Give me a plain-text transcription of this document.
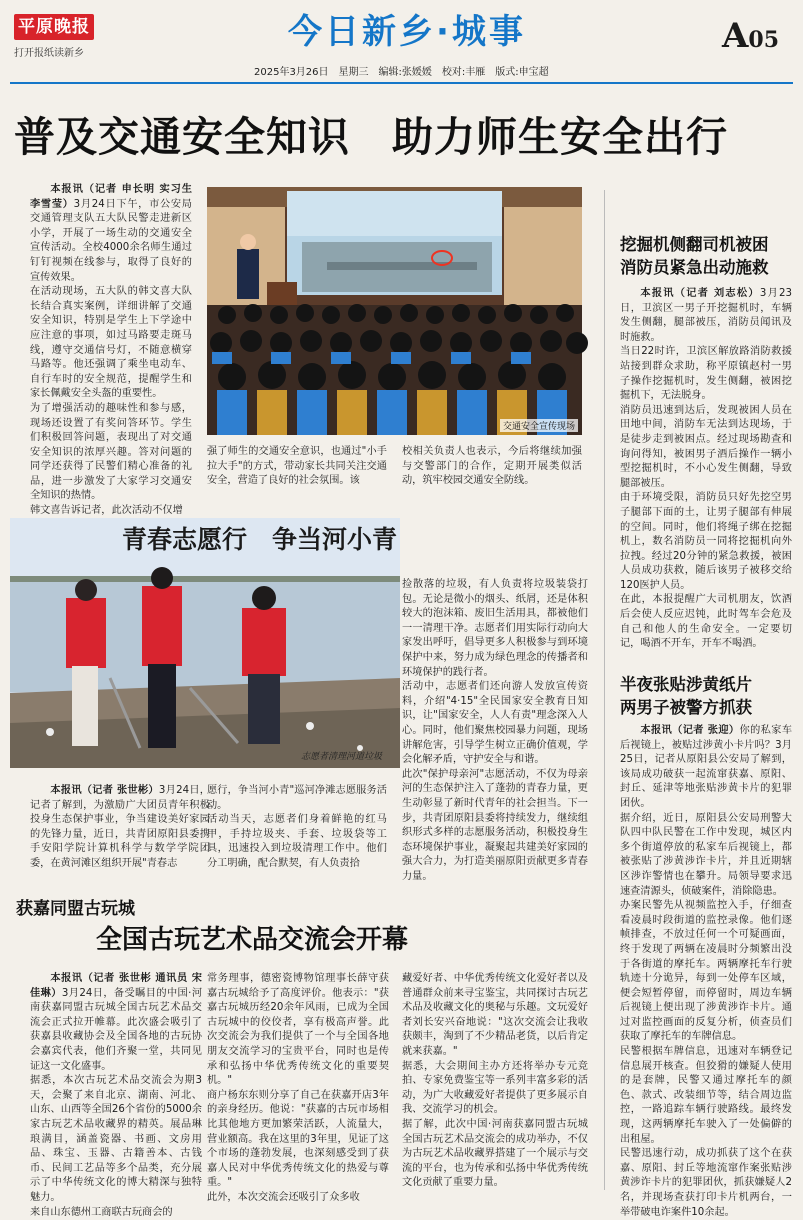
平原晚报
打开报纸读新乡
今日新乡·城事	A05
2025年3月26日　星期三　编辑:张媛媛　校对:丰雁　版式:申宝超
普及交通安全知识　助力师生安全出行

本报讯（记者 申长明 实习生 李雪莹）3月24日下午，市公安局交通管理支队五大队民警走进新区小学，开展了一场生动的交通安全宣传活动。全校4000余名师生通过钉钉视频在线参与，取得了良好的宣传效果。
在活动现场，五大队的韩文喜大队长结合真实案例，详细讲解了交通安全知识，特别是学生上下学途中应注意的事项，如过马路要走斑马线，遵守交通信号灯，不随意横穿马路等。他还强调了乘坐电动车、自行车时的安全规范，提醒学生和家长佩戴安全头盔的重要性。
为了增强活动的趣味性和参与感，现场还设置了有奖问答环节。学生们积极回答问题，表现出了对交通安全知识的浓厚兴趣。答对问题的同学还获得了民警们精心准备的礼品，进一步激发了大家学习交通安全知识的热情。
韩文喜告诉记者，此次活动不仅增

交通安全宣传现场
强了师生的交通安全意识，也通过"小手拉大手"的方式，带动家长共同关注交通安全，营造了良好的社会氛围。该
校相关负责人也表示，今后将继续加强与交警部门的合作，定期开展类似活动，筑牢校园交通安全防线。
挖掘机侧翻司机被困
消防员紧急出动施救

本报讯（记者 刘志松）3月23日，卫滨区一男子开挖掘机时，车辆发生侧翻，腿部被压，消防员闻讯及时施救。
当日22时许，卫滨区解放路消防救援站接到群众求助，称平原镇赵村一男子操作挖掘机时，发生侧翻，被困挖掘机下，无法脱身。
消防员迅速到达后，发现被困人员在田地中间，消防车无法到达现场，于是徒步走到被困点。经过现场勘查和询问得知，被困男子酒后操作一辆小型挖掘机时，不小心发生侧翻，导致腿部被压。
由于环境受限，消防员只好先挖空男子腿部下面的土，让男子腿部有伸展的空间。同时，他们将绳子绑在挖掘机上，数名消防员一同将挖掘机向外拉拽。经过20分钟的紧急救援，被困人员成功获救，随后该男子被移交给120医护人员。
在此，本报提醒广大司机朋友，饮酒后会使人反应迟钝，此时驾车会危及自己和他人的生命安全。一定要切记，喝酒不开车，开车不喝酒。

半夜张贴涉黄纸片
两男子被警方抓获

本报讯（记者 张迎）你的私家车后视镜上，被贴过涉黄小卡片吗？3月25日，记者从原阳县公安局了解到，该局成功破获一起流窜获嘉、原阳、封丘、延津等地张贴涉黄卡片的犯罪团伙。
据介绍，近日，原阳县公安局刑警大队四中队民警在工作中发现，城区内多个街道停放的私家车后视镜上，都被张贴了涉黄涉诈卡片，并且近期辖区涉诈警情也在攀升。局领导要求迅速查清源头，侦破案件，消除隐患。
办案民警先从视频监控入手，仔细查看凌晨时段街道的监控录像。他们逐帧排查，不放过任何一个可疑画面，终于发现了两辆在凌晨时分频繁出没于各街道的摩托车。两辆摩托车行驶轨迹十分诡异，每到一处停车区域，便会短暂停留，而停留时，周边车辆后视镜上便出现了涉黄涉诈卡片。通过对监控画面的反复分析，侦查员们获取了摩托车的车牌信息。
民警根据车牌信息，迅速对车辆登记信息展开核查。但狡猾的嫌疑人使用的是套牌，民警又通过摩托车的颜色、款式、改装细节等，结合周边监控，一路追踪车辆行驶路线。最终发现，这两辆摩托车驶入了一处偏僻的出租屋。
民警迅速行动，成功抓获了这个在获嘉、原阳、封丘等地流窜作案张贴涉黄涉诈卡片的犯罪团伙，抓获嫌疑人2名，并现场查获打印卡片机两台，一举带破电诈案件10余起。

青春志愿行　争当河小青
志愿者清理河道垃圾

本报讯（记者 张世彬）3月24日，记者了解到，为激励广大团员青年积极投身生态保护事业，争当建设美好家园的先锋力量，近日，共青团原阳县委携手安阳学院计算机科学与数学学院团委，在黄河滩区组织开展"青春志

愿行，争当河小青"巡河净滩志愿服务活动。
活动当天，志愿者们身着鲜艳的红马甲，手持垃圾夹、手套、垃圾袋等工具，迅速投入到垃圾清理工作中。他们分工明确，配合默契，有人负责拾
捡散落的垃圾，有人负责将垃圾装袋打包。无论是微小的烟头、纸屑，还是体积较大的泡沫箱、废旧生活用具，都被他们一一清理干净。志愿者们用实际行动向大家发出呼吁，倡导更多人积极参与到环境保护中来，努力成为绿色理念的传播者和环境保护的践行者。
活动中，志愿者们还向游人发放宣传资料，介绍"4·15"全民国家安全教育日知识，让"国家安全，人人有责"理念深入人心。同时，他们聚焦校园暴力问题，现场讲解危害，引导学生树立正确价值观，学会化解矛盾，守护安全与和谐。
此次"保护母亲河"志愿活动，不仅为母亲河的生态保护注入了蓬勃的青春力量，更生动彰显了新时代青年的社会担当。下一步，共青团原阳县委将持续发力，继续组织形式多样的志愿服务活动，积极投身生态环境保护事业，凝聚起共建美好家园的强大合力，为打造美丽原阳贡献更多青春力量。
获嘉同盟古玩城
全国古玩艺术品交流会开幕

本报讯（记者 张世彬 通讯员 宋佳琳）3月24日，备受瞩目的中国·河南获嘉同盟古玩城全国古玩艺术品交流会正式拉开帷幕。此次盛会吸引了获嘉县收藏协会及全国各地的古玩协会嘉宾代表，他们齐聚一堂，共同见证这一文化盛事。
据悉，本次古玩艺术品交流会为期3天，会聚了来自北京、湖南、河北、山东、山西等全国26个省份的5000余家古玩艺术品收藏界的精英。展品琳琅满目，涵盖瓷器、书画、文房用品、珠宝、玉器、古籍善本、古钱币、民间工艺品等多个品类，充分展示了中华传统文化的博大精深与独特魅力。
来自山东德州工商联古玩商会的

常务理事，德密瓷博物馆理事长薛守获嘉古玩城给予了高度评价。他表示："获嘉古玩城历经20余年风雨，已成为全国古玩城中的佼佼者，享有极高声誉。此次交流会为我们提供了一个与全国各地朋友交流学习的宝贵平台，同时也是传承和弘扬中华优秀传统文化的重要契机。"
商户杨东东则分享了自己在获嘉开店3年的亲身经历。他说："获嘉的古玩市场相比其他地方更加繁荣活跃，人流量大，营业额高。我在这里的3年里，见证了这个市场的蓬勃发展，也深刻感受到了获嘉人民对中华优秀传统文化的热爱与尊重。"
此外，本次交流会还吸引了众多收
藏爱好者、中华优秀传统文化爱好者以及普通群众前来寻宝鉴宝，共同探讨古玩艺术品及收藏文化的奥秘与乐趣。文玩爱好者刘长安兴奋地说："这次交流会让我收获颇丰，淘到了不少精品老货，以后肯定就来获嘉。"
据悉，大会期间主办方还将举办专元竞拍、专家免费鉴宝等一系列丰富多彩的活动，为广大收藏爱好者提供了更多展示自我、交流学习的机会。
据了解，此次中国·河南获嘉同盟古玩城全国古玩艺术品交流会的成功举办，不仅为古玩艺术品收藏界搭建了一个展示与交流的平台，也为传承和弘扬中华优秀传统文化贡献了重要力量。
